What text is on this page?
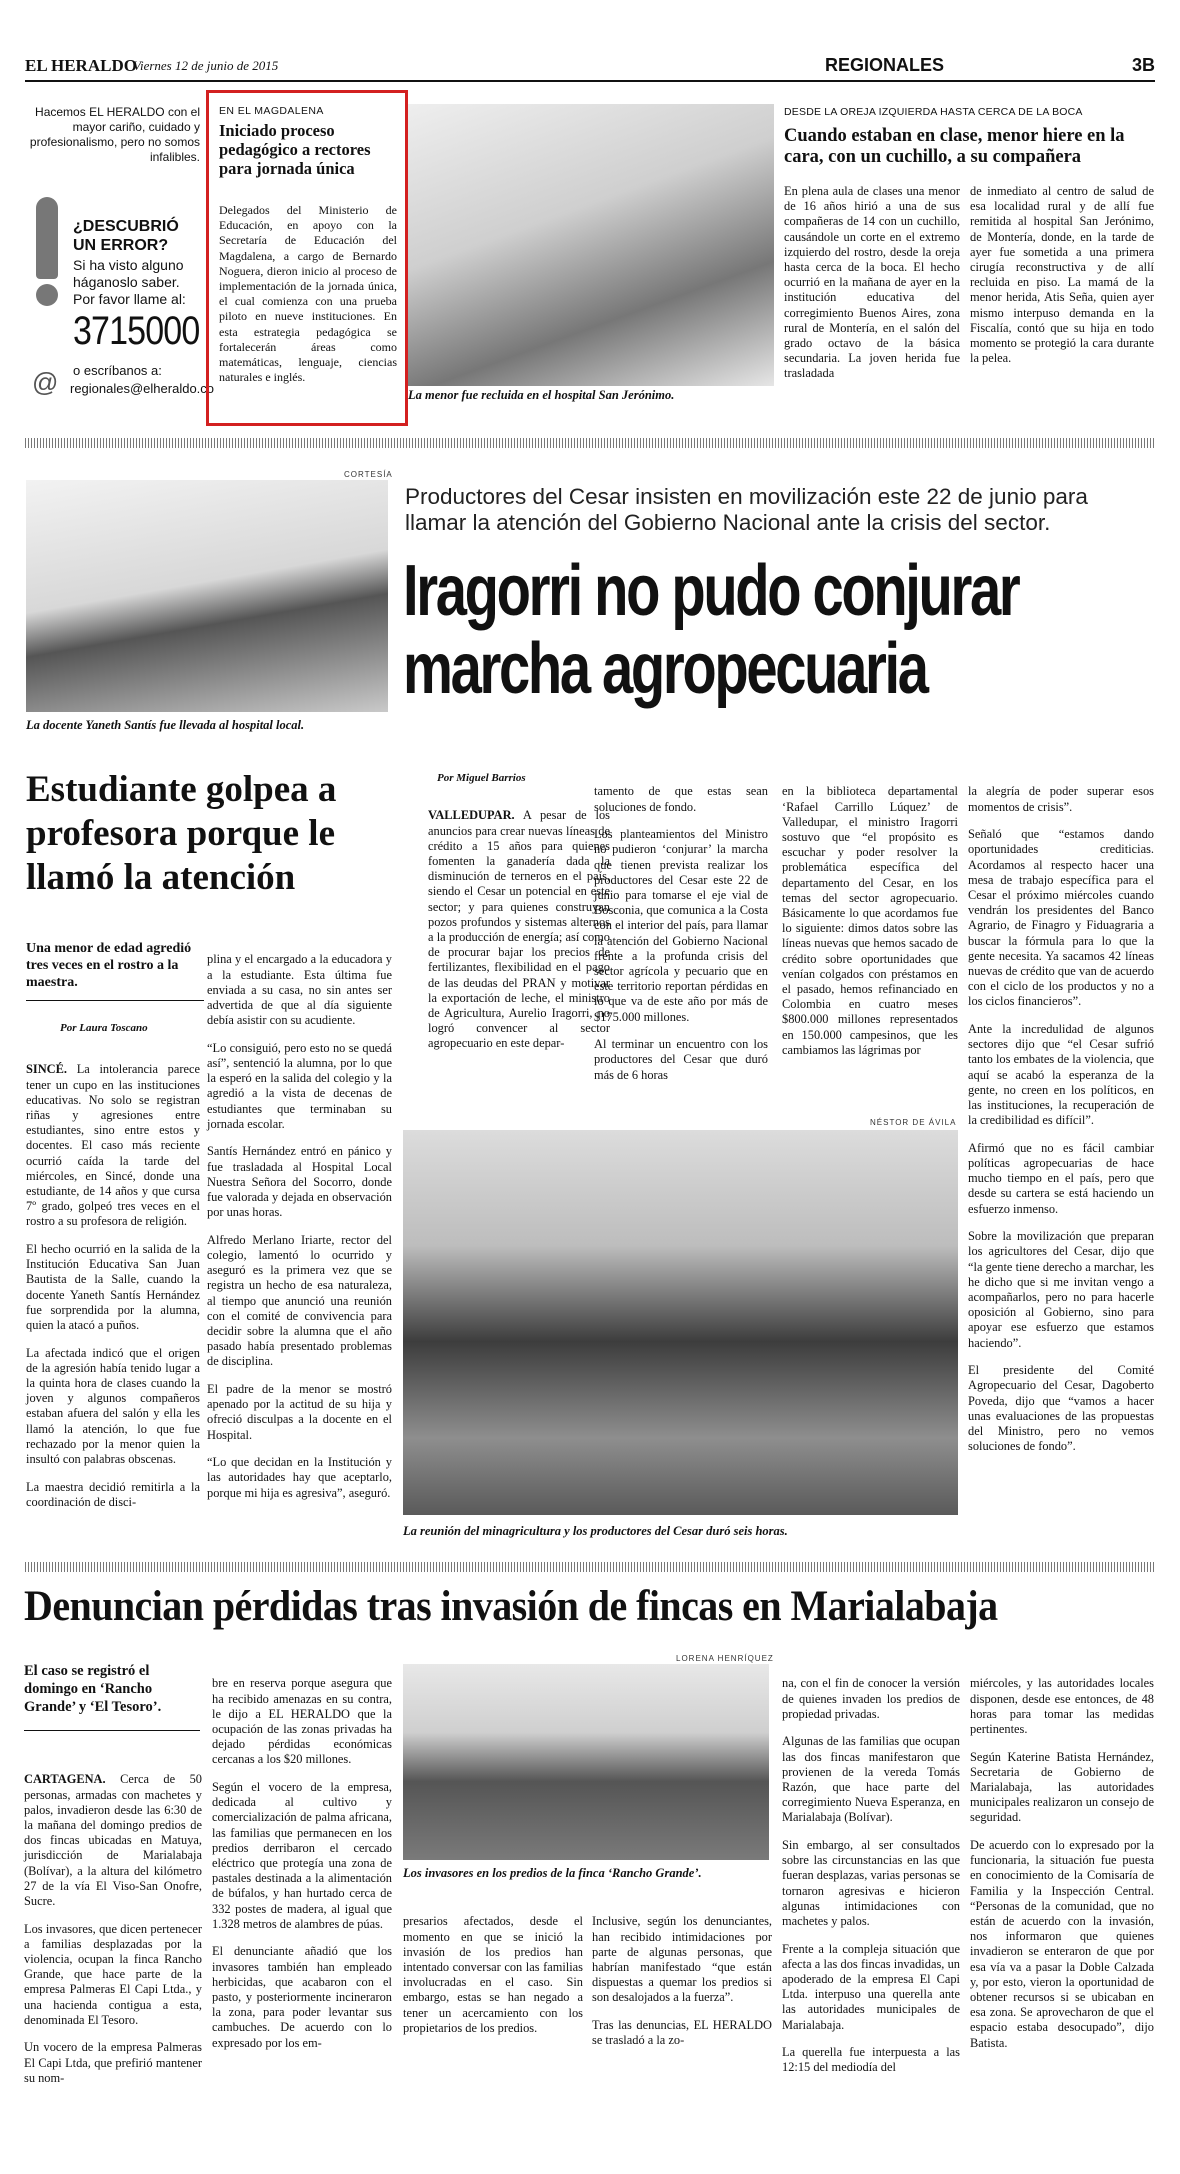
EL HERALDO
Viernes 12 de junio de 2015	REGIONALES	3B
Hacemos EL HERALDO con el mayor cariño, cuidado y profesionalismo, pero no somos infalibles.
¿DESCUBRIÓ UN ERROR?
Si ha visto alguno háganoslo saber. Por favor llame al:
3715000
@ o escríbanos a:
regionales@elheraldo.co
EN EL MAGDALENA
Iniciado proceso pedagógico a rectores para jornada única
Delegados del Ministerio de Educación, en apoyo con la Secretaría de Educación del Magdalena, a cargo de Bernardo Noguera, dieron inicio al proceso de implementación de la jornada única, el cual comienza con una prueba piloto en nueve instituciones. En esta estrategia pedagógica se fortalecerán áreas como matemáticas, lenguaje, ciencias naturales e inglés.
La menor fue recluida en el hospital San Jerónimo.
DESDE LA OREJA IZQUIERDA HASTA CERCA DE LA BOCA
Cuando estaban en clase, menor hiere en la cara, con un cuchillo, a su compañera
En plena aula de clases una menor de 16 años hirió a una de sus compañeras de 14 con un cuchillo, causándole un corte en el extremo izquierdo del rostro, desde la oreja hasta cerca de la boca. El hecho ocurrió en la mañana de ayer en la institución educativa del corregimiento Buenos Aires, zona rural de Montería, en el salón del grado octavo de la básica secundaria. La joven herida fue trasladada
de inmediato al centro de salud de esa localidad rural y de allí fue remitida al hospital San Jerónimo, de Montería, donde, en la tarde de ayer fue sometida a una primera cirugía reconstructiva y de allí recluida en piso. La mamá de la menor herida, Atis Seña, quien ayer mismo interpuso demanda en la Fiscalía, contó que su hija en todo momento se protegió la cara durante la pelea.
CORTESÍA
La docente Yaneth Santís fue llevada al hospital local.
Productores del Cesar insisten en movilización este 22 de junio para llamar la atención del Gobierno Nacional ante la crisis del sector.
Iragorri no pudo conjurar marcha agropecuaria
Estudiante golpea a profesora porque le llamó la atención
Una menor de edad agredió tres veces en el rostro a la maestra.
Por Laura Toscano

SINCÉ. La intolerancia parece tener un cupo en las instituciones educativas. No solo se registran riñas y agresiones entre estudiantes, sino entre estos y docentes. El caso más reciente ocurrió caída la tarde del miércoles, en Sincé, donde una estudiante, de 14 años y que cursa 7º grado, golpeó tres veces en el rostro a su profesora de religión.

El hecho ocurrió en la salida de la Institución Educativa San Juan Bautista de la Salle, cuando la docente Yaneth Santís Hernández fue sorprendida por la alumna, quien la atacó a puños.

La afectada indicó que el origen de la agresión había tenido lugar a la quinta hora de clases cuando la joven y algunos compañeros estaban afuera del salón y ella les llamó la atención, lo que fue rechazado por la menor quien la insultó con palabras obscenas.

La maestra decidió remitirla a la coordinación de disci-

plina y el encargado a la educadora y a la estudiante. Esta última fue enviada a su casa, no sin antes ser advertida de que al día siguiente debía asistir con su acudiente.

“Lo consiguió, pero esto no se quedá así”, sentenció la alumna, por lo que la esperó en la salida del colegio y la agredió a la vista de decenas de estudiantes que terminaban su jornada escolar.

Santís Hernández entró en pánico y fue trasladada al Hospital Local Nuestra Señora del Socorro, donde fue valorada y dejada en observación por unas horas.

Alfredo Merlano Iriarte, rector del colegio, lamentó lo ocurrido y aseguró es la primera vez que se registra un hecho de esa naturaleza, al tiempo que anunció una reunión con el comité de convivencia para decidir sobre la alumna que el año pasado había presentado problemas de disciplina.

El padre de la menor se mostró apenado por la actitud de su hija y ofreció disculpas a la docente en el Hospital.

“Lo que decidan en la Institución y las autoridades hay que aceptarlo, porque mi hija es agresiva”, aseguró.

Por Miguel Barrios

VALLEDUPAR. A pesar de los anuncios para crear nuevas líneas de crédito a 15 años para quienes fomenten la ganadería dada la disminución de terneros en el país, siendo el Cesar un potencial en este sector; y para quienes construyan pozos profundos y sistemas alternos a la producción de energía; así como de procurar bajar los precios de fertilizantes, flexibilidad en el pago de las deudas del PRAN y motivar la exportación de leche, el ministro de Agricultura, Aurelio Iragorri, no logró convencer al sector agropecuario en este depar-

tamento de que estas sean soluciones de fondo.

Los planteamientos del Ministro no pudieron ‘conjurar’ la marcha que tienen prevista realizar los productores del Cesar este 22 de junio para tomarse el eje vial de Bosconia, que comunica a la Costa con el interior del país, para llamar la atención del Gobierno Nacional frente a la profunda crisis del sector agrícola y pecuario que en este territorio reportan pérdidas en lo que va de este año por más de $175.000 millones.

Al terminar un encuentro con los productores del Cesar que duró más de 6 horas

en la biblioteca departamental ‘Rafael Carrillo Lúquez’ de Valledupar, el ministro Iragorri sostuvo que “el propósito es escuchar y poder resolver la problemática específica del departamento del Cesar, en los temas del sector agropecuario. Básicamente lo que acordamos fue lo siguiente: dimos datos sobre las líneas nuevas que hemos sacado de crédito sobre oportunidades que venían colgados con préstamos en el pasado, hemos refinanciado en Colombia en cuatro meses $800.000 millones representados en 150.000 campesinos, que les cambiamos las lágrimas por

la alegría de poder superar esos momentos de crisis”.

Señaló que “estamos dando oportunidades crediticias. Acordamos al respecto hacer una mesa de trabajo específica para el Cesar el próximo miércoles cuando vendrán los presidentes del Banco Agrario, de Finagro y Fiduagraria a buscar la fórmula para lo que la gente necesita. Ya sacamos 42 líneas nuevas de crédito que van de acuerdo con el ciclo de los productos y no a los ciclos financieros”.

Ante la incredulidad de algunos sectores dijo que “el Cesar sufrió tanto los embates de la violencia, que aquí se acabó la esperanza de la gente, no creen en los políticos, en las instituciones, la recuperación de la credibilidad es difícil”.

Afirmó que no es fácil cambiar políticas agropecuarias de hace mucho tiempo en el país, pero que desde su cartera se está haciendo un esfuerzo inmenso.

Sobre la movilización que preparan los agricultores del Cesar, dijo que “la gente tiene derecho a marchar, les he dicho que si me invitan vengo a acompañarlos, pero no para hacerle oposición al Gobierno, sino para apoyar ese esfuerzo que estamos haciendo”.

El presidente del Comité Agropecuario del Cesar, Dagoberto Poveda, dijo que “vamos a hacer unas evaluaciones de las propuestas del Ministro, pero no vemos soluciones de fondo”.

NÉSTOR DE ÁVILA
La reunión del minagricultura y los productores del Cesar duró seis horas.
Denuncian pérdidas tras invasión de fincas en Marialabaja
El caso se registró el domingo en ‘Rancho Grande’ y ‘El Tesoro’.

CARTAGENA. Cerca de 50 personas, armadas con machetes y palos, invadieron desde las 6:30 de la mañana del domingo predios de dos fincas ubicadas en Matuya, jurisdicción de Marialabaja (Bolívar), a la altura del kilómetro 27 de la vía El Viso-San Onofre, Sucre.

Los invasores, que dicen pertenecer a familias desplazadas por la violencia, ocupan la finca Rancho Grande, que hace parte de la empresa Palmeras El Capi Ltda., y una hacienda contigua a esta, denominada El Tesoro.

Un vocero de la empresa Palmeras El Capi Ltda, que prefirió mantener su nom-

bre en reserva porque asegura que ha recibido amenazas en su contra, le dijo a EL HERALDO que la ocupación de las zonas privadas ha dejado pérdidas económicas cercanas a los $20 millones.

Según el vocero de la empresa, dedicada al cultivo y comercialización de palma africana, las familias que permanecen en los predios derribaron el cercado eléctrico que protegía una zona de pastales destinada a la alimentación de búfalos, y han hurtado cerca de 332 postes de madera, al igual que 1.328 metros de alambres de púas.

El denunciante añadió que los invasores también han empleado herbicidas, que acabaron con el pasto, y posteriormente incineraron la zona, para poder levantar sus cambuches. De acuerdo con lo expresado por los em-

LORENA HENRÍQUEZ
Los invasores en los predios de la finca ‘Rancho Grande’.

presarios afectados, desde el momento en que se inició la invasión de los predios han intentado conversar con las familias involucradas en el caso. Sin embargo, estas se han negado a tener un acercamiento con los propietarios de los predios.

Inclusive, según los denunciantes, han recibido intimidaciones por parte de algunas personas, que habrían manifestado “que están dispuestas a quemar los predios si son desalojados a la fuerza”.

Tras las denuncias, EL HERALDO se trasladó a la zo-

na, con el fin de conocer la versión de quienes invaden los predios de propiedad privadas.

Algunas de las familias que ocupan las dos fincas manifestaron que provienen de la vereda Tomás Razón, que hace parte del corregimiento Nueva Esperanza, en Marialabaja (Bolívar).

Sin embargo, al ser consultados sobre las circunstancias en las que fueran desplazas, varias personas se tornaron agresivas e hicieron algunas intimidaciones con machetes y palos.

Frente a la compleja situación que afecta a las dos fincas invadidas, un apoderado de la empresa El Capi Ltda. interpuso una querella ante las autoridades municipales de Marialabaja.

La querella fue interpuesta a las 12:15 del mediodía del

miércoles, y las autoridades locales disponen, desde ese entonces, de 48 horas para tomar las medidas pertinentes.

Según Katerine Batista Hernández, Secretaria de Gobierno de Marialabaja, las autoridades municipales realizaron un consejo de seguridad.

De acuerdo con lo expresado por la funcionaria, la situación fue puesta en conocimiento de la Comisaría de Familia y la Inspección Central. “Personas de la comunidad, que no están de acuerdo con la invasión, nos informaron que quienes invadieron se enteraron de que por esa vía va a pasar la Doble Calzada y, por esto, vieron la oportunidad de obtener recursos si se ubicaban en esa zona. Se aprovecharon de que el espacio estaba desocupado”, dijo Batista.
